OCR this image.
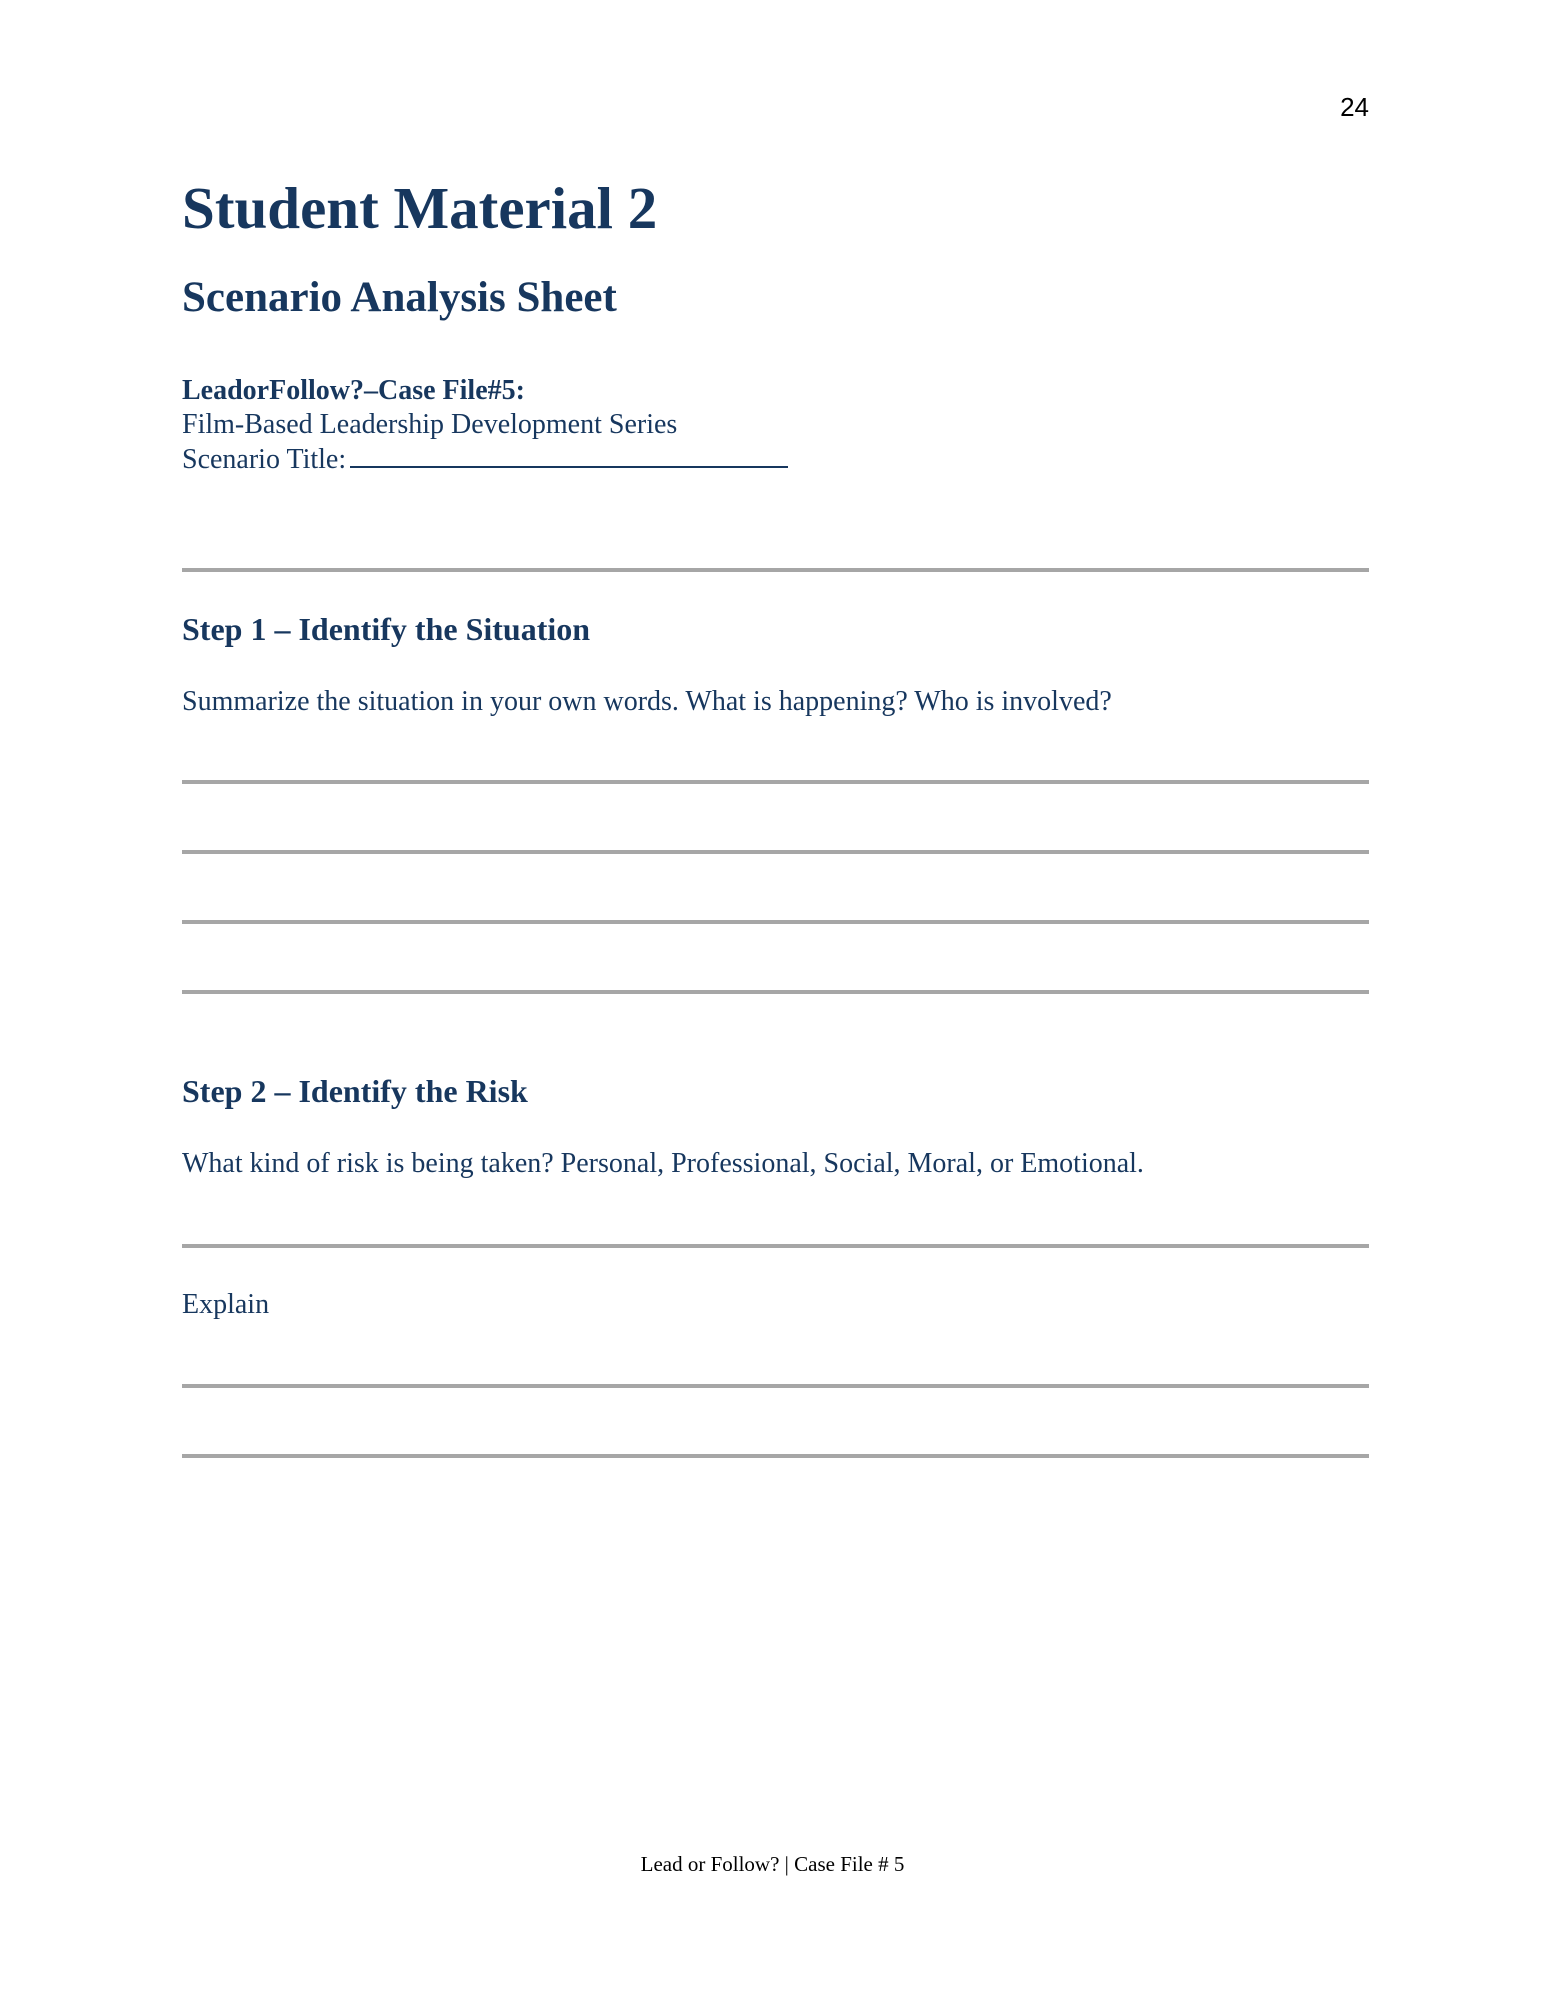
24
Student Material 2
Scenario Analysis Sheet
LeadorFollow?–Case File#5:
Film-Based Leadership Development Series
Scenario Title:
Step 1 – Identify the Situation

Summarize the situation in your own words. What is happening? Who is involved?

Step 2 – Identify the Risk

What kind of risk is being taken? Personal, Professional, Social, Moral, or Emotional.

Explain

Lead or Follow? | Case File # 5
